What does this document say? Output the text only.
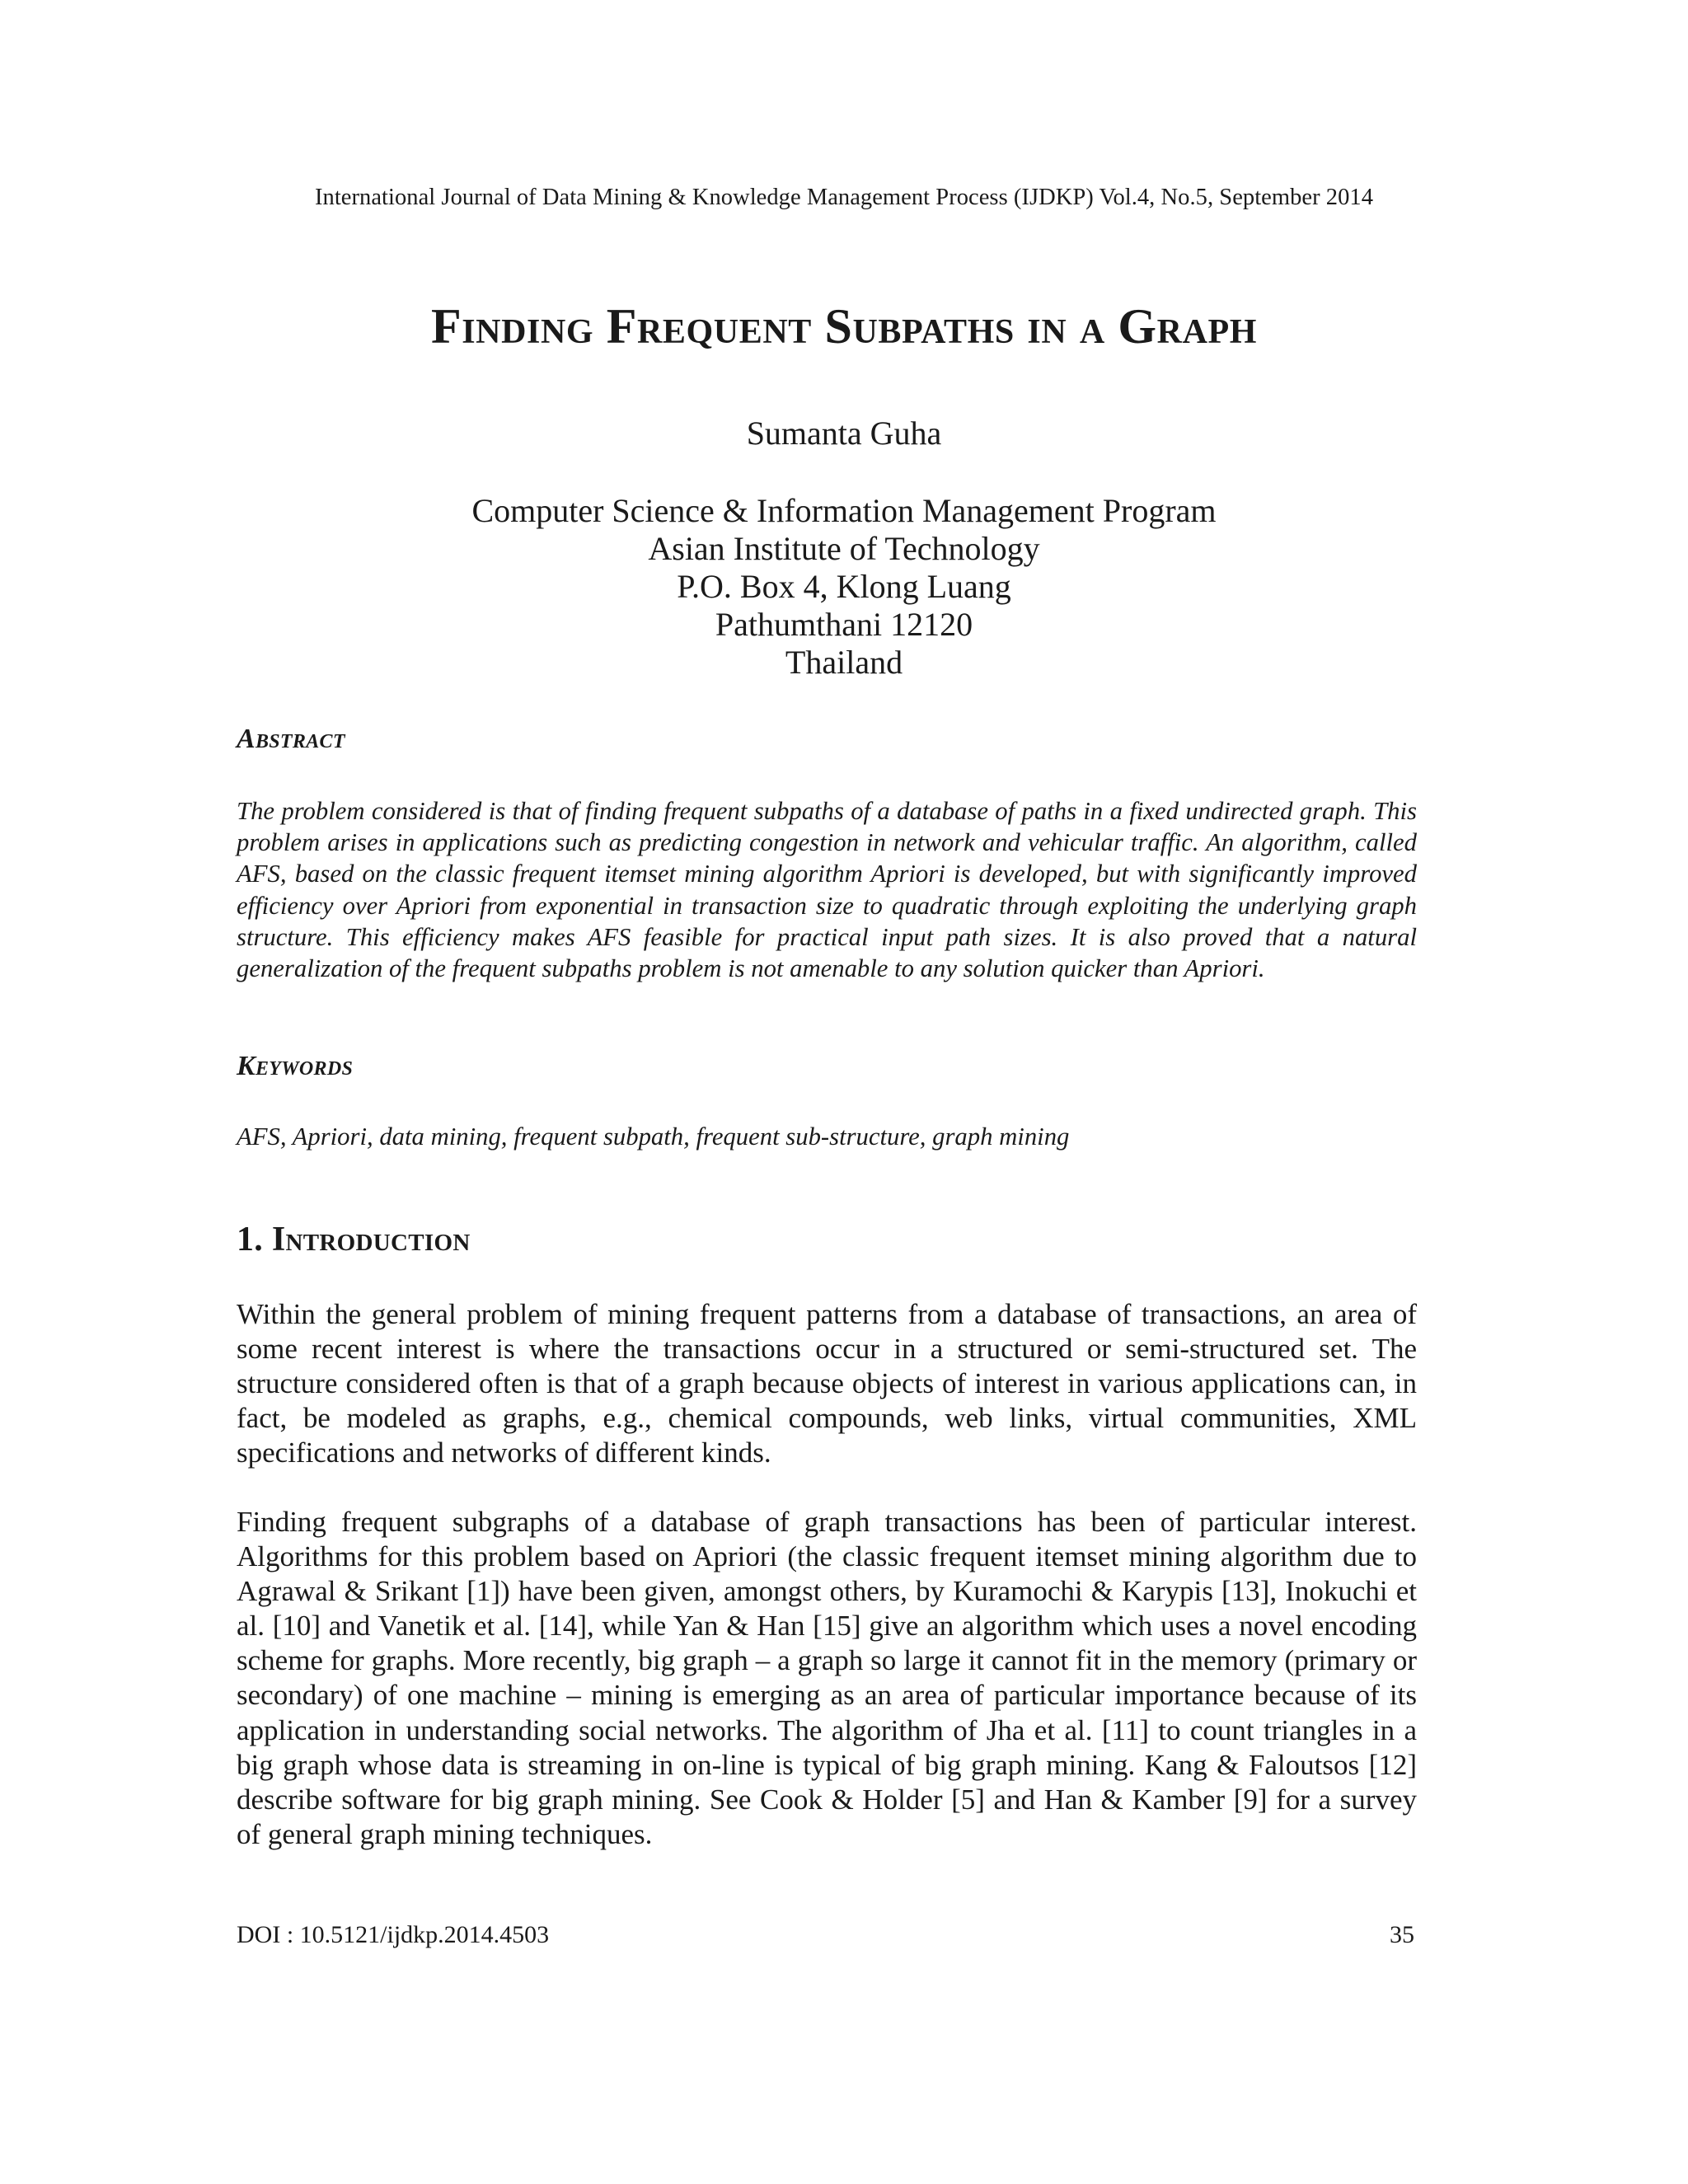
International Journal of Data Mining & Knowledge Management Process (IJDKP) Vol.4, No.5, September 2014
Finding Frequent Subpaths in a Graph
Sumanta Guha
Computer Science & Information Management Program
Asian Institute of Technology
P.O. Box 4, Klong Luang
Pathumthani 12120
Thailand
Abstract
The problem considered is that of finding frequent subpaths of a database of paths in a fixed undirected graph. This problem arises in applications such as predicting congestion in network and vehicular traffic. An algorithm, called AFS, based on the classic frequent itemset mining algorithm Apriori is developed, but with significantly improved efficiency over Apriori from exponential in transaction size to quadratic through exploiting the underlying graph structure. This efficiency makes AFS feasible for practical input path sizes. It is also proved that a natural generalization of the frequent subpaths problem is not amenable to any solution quicker than Apriori.
Keywords
AFS, Apriori, data mining, frequent subpath, frequent sub-structure, graph mining
1. Introduction
Within the general problem of mining frequent patterns from a database of transactions, an area of some recent interest is where the transactions occur in a structured or semi-structured set. The structure considered often is that of a graph because objects of interest in various applications can, in fact, be modeled as graphs, e.g., chemical compounds, web links, virtual communities, XML specifications and networks of different kinds.
Finding frequent subgraphs of a database of graph transactions has been of particular interest. Algorithms for this problem based on Apriori (the classic frequent itemset mining algorithm due to Agrawal & Srikant [1]) have been given, amongst others, by Kuramochi & Karypis [13], Inokuchi et al. [10] and Vanetik et al. [14], while Yan & Han [15] give an algorithm which uses a novel encoding scheme for graphs. More recently, big graph – a graph so large it cannot fit in the memory (primary or secondary) of one machine – mining is emerging as an area of particular importance because of its application in understanding social networks. The algorithm of Jha et al. [11] to count triangles in a big graph whose data is streaming in on-line is typical of big graph mining. Kang & Faloutsos [12] describe software for big graph mining. See Cook & Holder [5] and Han & Kamber [9] for a survey of general graph mining techniques.
DOI : 10.5121/ijdkp.2014.4503	35
